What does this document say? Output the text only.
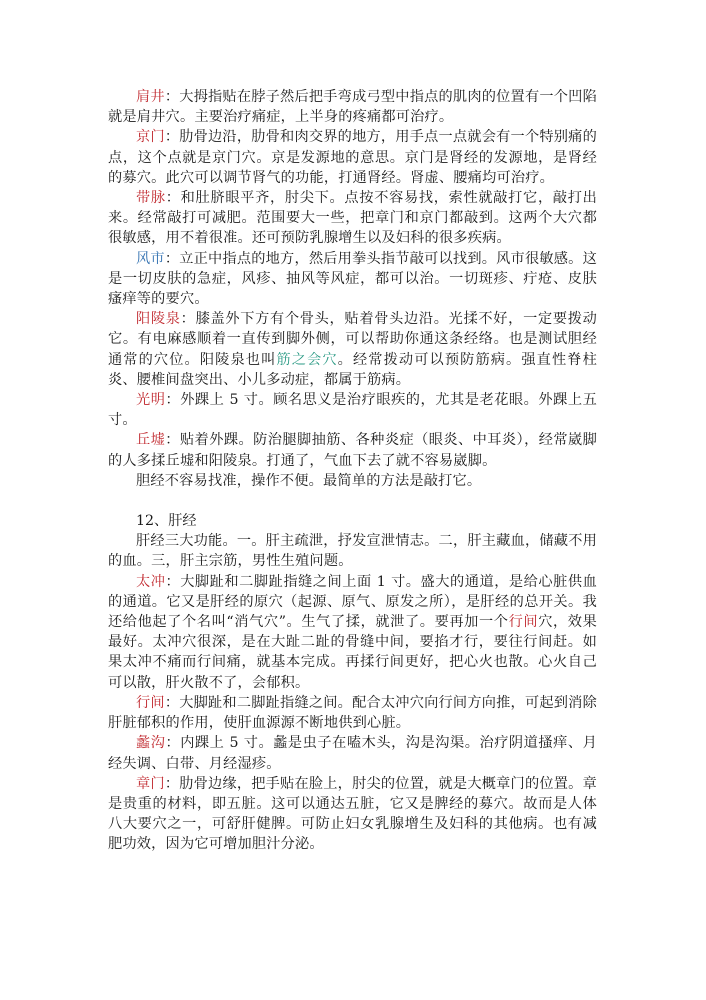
肩井：大拇指贴在脖子然后把手弯成弓型中指点的肌肉的位置有一个凹陷就是肩井穴。主要治疗痛症，上半身的疼痛都可治疗。

京门：肋骨边沿，肋骨和肉交界的地方，用手点一点就会有一个特别痛的点，这个点就是京门穴。京是发源地的意思。京门是肾经的发源地，是肾经的募穴。此穴可以调节肾气的功能，打通肾经。肾虚、腰痛均可治疗。

带脉：和肚脐眼平齐，肘尖下。点按不容易找，索性就敲打它，敲打出来。经常敲打可减肥。范围要大一些，把章门和京门都敲到。这两个大穴都很敏感，用不着很准。还可预防乳腺增生以及妇科的很多疾病。

风市：立正中指点的地方，然后用拳头指节敲可以找到。风市很敏感。这是一切皮肤的急症，风疹、抽风等风症，都可以治。一切斑疹、疔疮、皮肤瘙痒等的要穴。

阳陵泉：膝盖外下方有个骨头，贴着骨头边沿。光揉不好，一定要拨动它。有电麻感顺着一直传到脚外侧，可以帮助你通这条经络。也是测试胆经通常的穴位。阳陵泉也叫筋之会穴。经常拨动可以预防筋病。强直性脊柱炎、腰椎间盘突出、小儿多动症，都属于筋病。

光明：外踝上 5 寸。顾名思义是治疗眼疾的，尤其是老花眼。外踝上五寸。

丘墟：贴着外踝。防治腿脚抽筋、各种炎症（眼炎、中耳炎），经常崴脚的人多揉丘墟和阳陵泉。打通了，气血下去了就不容易崴脚。

胆经不容易找准，操作不便。最简单的方法是敲打它。

12、肝经

肝经三大功能。一。肝主疏泄，抒发宣泄情志。二，肝主藏血，储藏不用的血。三，肝主宗筋，男性生殖问题。

太冲：大脚趾和二脚趾指缝之间上面 1 寸。盛大的通道，是给心脏供血的通道。它又是肝经的原穴（起源、原气、原发之所），是肝经的总开关。我还给他起了个名叫“消气穴”。生气了揉，就泄了。要再加一个行间穴，效果最好。太冲穴很深，是在大趾二趾的骨缝中间，要掐才行，要往行间赶。如果太冲不痛而行间痛，就基本完成。再揉行间更好，把心火也散。心火自己可以散，肝火散不了，会郁积。

行间：大脚趾和二脚趾指缝之间。配合太冲穴向行间方向推，可起到消除肝脏郁积的作用，使肝血源源不断地供到心脏。

蠡沟：内踝上 5 寸。蠡是虫子在嗑木头，沟是沟渠。治疗阴道搔痒、月经失调、白带、月经湿疹。

章门：肋骨边缘，把手贴在脸上，肘尖的位置，就是大概章门的位置。章是贵重的材料，即五脏。这可以通达五脏，它又是脾经的募穴。故而是人体八大要穴之一，可舒肝健脾。可防止妇女乳腺增生及妇科的其他病。也有减肥功效，因为它可增加胆汁分泌。
